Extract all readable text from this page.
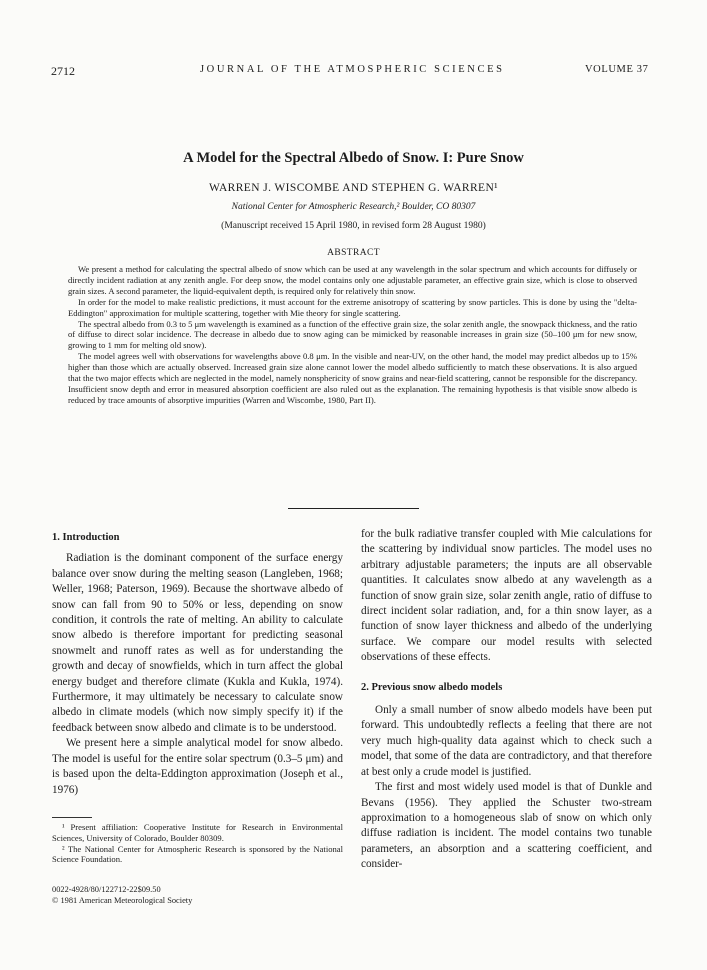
2712	JOURNAL OF THE ATMOSPHERIC SCIENCES	VOLUME 37
A Model for the Spectral Albedo of Snow. I: Pure Snow
WARREN J. WISCOMBE AND STEPHEN G. WARREN¹
National Center for Atmospheric Research,² Boulder, CO 80307
(Manuscript received 15 April 1980, in revised form 28 August 1980)
ABSTRACT

We present a method for calculating the spectral albedo of snow which can be used at any wavelength in the solar spectrum and which accounts for diffusely or directly incident radiation at any zenith angle. For deep snow, the model contains only one adjustable parameter, an effective grain size, which is close to observed grain sizes. A second parameter, the liquid-equivalent depth, is required only for relatively thin snow.

In order for the model to make realistic predictions, it must account for the extreme anisotropy of scattering by snow particles. This is done by using the "delta-Eddington" approximation for multiple scattering, together with Mie theory for single scattering.

The spectral albedo from 0.3 to 5 μm wavelength is examined as a function of the effective grain size, the solar zenith angle, the snowpack thickness, and the ratio of diffuse to direct solar incidence. The decrease in albedo due to snow aging can be mimicked by reasonable increases in grain size (50–100 μm for new snow, growing to 1 mm for melting old snow).

The model agrees well with observations for wavelengths above 0.8 μm. In the visible and near-UV, on the other hand, the model may predict albedos up to 15% higher than those which are actually observed. Increased grain size alone cannot lower the model albedo sufficiently to match these observations. It is also argued that the two major effects which are neglected in the model, namely nonsphericity of snow grains and near-field scattering, cannot be responsible for the discrepancy. Insufficient snow depth and error in measured absorption coefficient are also ruled out as the explanation. The remaining hypothesis is that visible snow albedo is reduced by trace amounts of absorptive impurities (Warren and Wiscombe, 1980, Part II).

1. Introduction

Radiation is the dominant component of the surface energy balance over snow during the melting season (Langleben, 1968; Weller, 1968; Paterson, 1969). Because the shortwave albedo of snow can fall from 90 to 50% or less, depending on snow condition, it controls the rate of melting. An ability to calculate snow albedo is therefore important for predicting seasonal snowmelt and runoff rates as well as for understanding the growth and decay of snowfields, which in turn affect the global energy budget and therefore climate (Kukla and Kukla, 1974). Furthermore, it may ultimately be necessary to calculate snow albedo in climate models (which now simply specify it) if the feedback between snow albedo and climate is to be understood.

We present here a simple analytical model for snow albedo. The model is useful for the entire solar spectrum (0.3–5 μm) and is based upon the delta-Eddington approximation (Joseph et al., 1976)

for the bulk radiative transfer coupled with Mie calculations for the scattering by individual snow particles. The model uses no arbitrary adjustable parameters; the inputs are all observable quantities. It calculates snow albedo at any wavelength as a function of snow grain size, solar zenith angle, ratio of diffuse to direct incident solar radiation, and, for a thin snow layer, as a function of snow layer thickness and albedo of the underlying surface. We compare our model results with selected observations of these effects.

2. Previous snow albedo models

Only a small number of snow albedo models have been put forward. This undoubtedly reflects a feeling that there are not very much high-quality data against which to check such a model, that some of the data are contradictory, and that therefore at best only a crude model is justified.

The first and most widely used model is that of Dunkle and Bevans (1956). They applied the Schuster two-stream approximation to a homogeneous slab of snow on which only diffuse radiation is incident. The model contains two tunable parameters, an absorption and a scattering coefficient, and consider-

¹ Present affiliation: Cooperative Institute for Research in Environmental Sciences, University of Colorado, Boulder 80309.

² The National Center for Atmospheric Research is sponsored by the National Science Foundation.

0022-4928/80/122712-22$09.50
© 1981 American Meteorological Society
